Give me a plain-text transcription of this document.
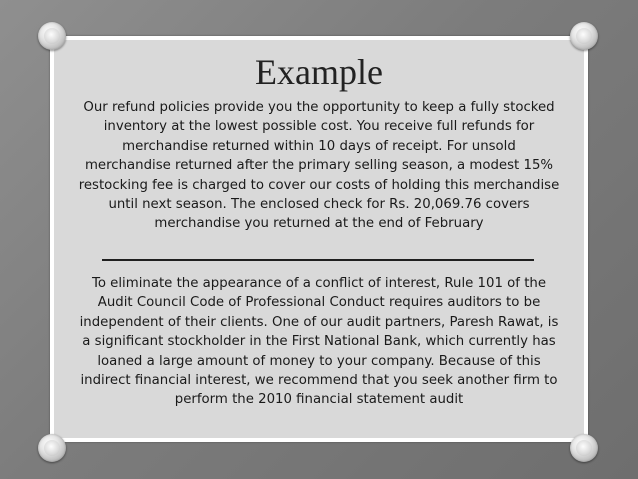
Example

Our refund policies provide you the opportunity to keep a fully stocked inventory at the lowest possible cost. You receive full refunds for merchandise returned within 10 days of receipt. For unsold merchandise returned after the primary selling season, a modest 15% restocking fee is charged to cover our costs of holding this merchandise until next season. The enclosed check for Rs. 20,069.76 covers merchandise you returned at the end of February

To eliminate the appearance of a conflict of interest, Rule 101 of the Audit Council Code of Professional Conduct requires auditors to be independent of their clients. One of our audit partners, Paresh Rawat, is a significant stockholder in the First National Bank, which currently has loaned a large amount of money to your company. Because of this indirect financial interest, we recommend that you seek another firm to perform the 2010 financial statement audit
